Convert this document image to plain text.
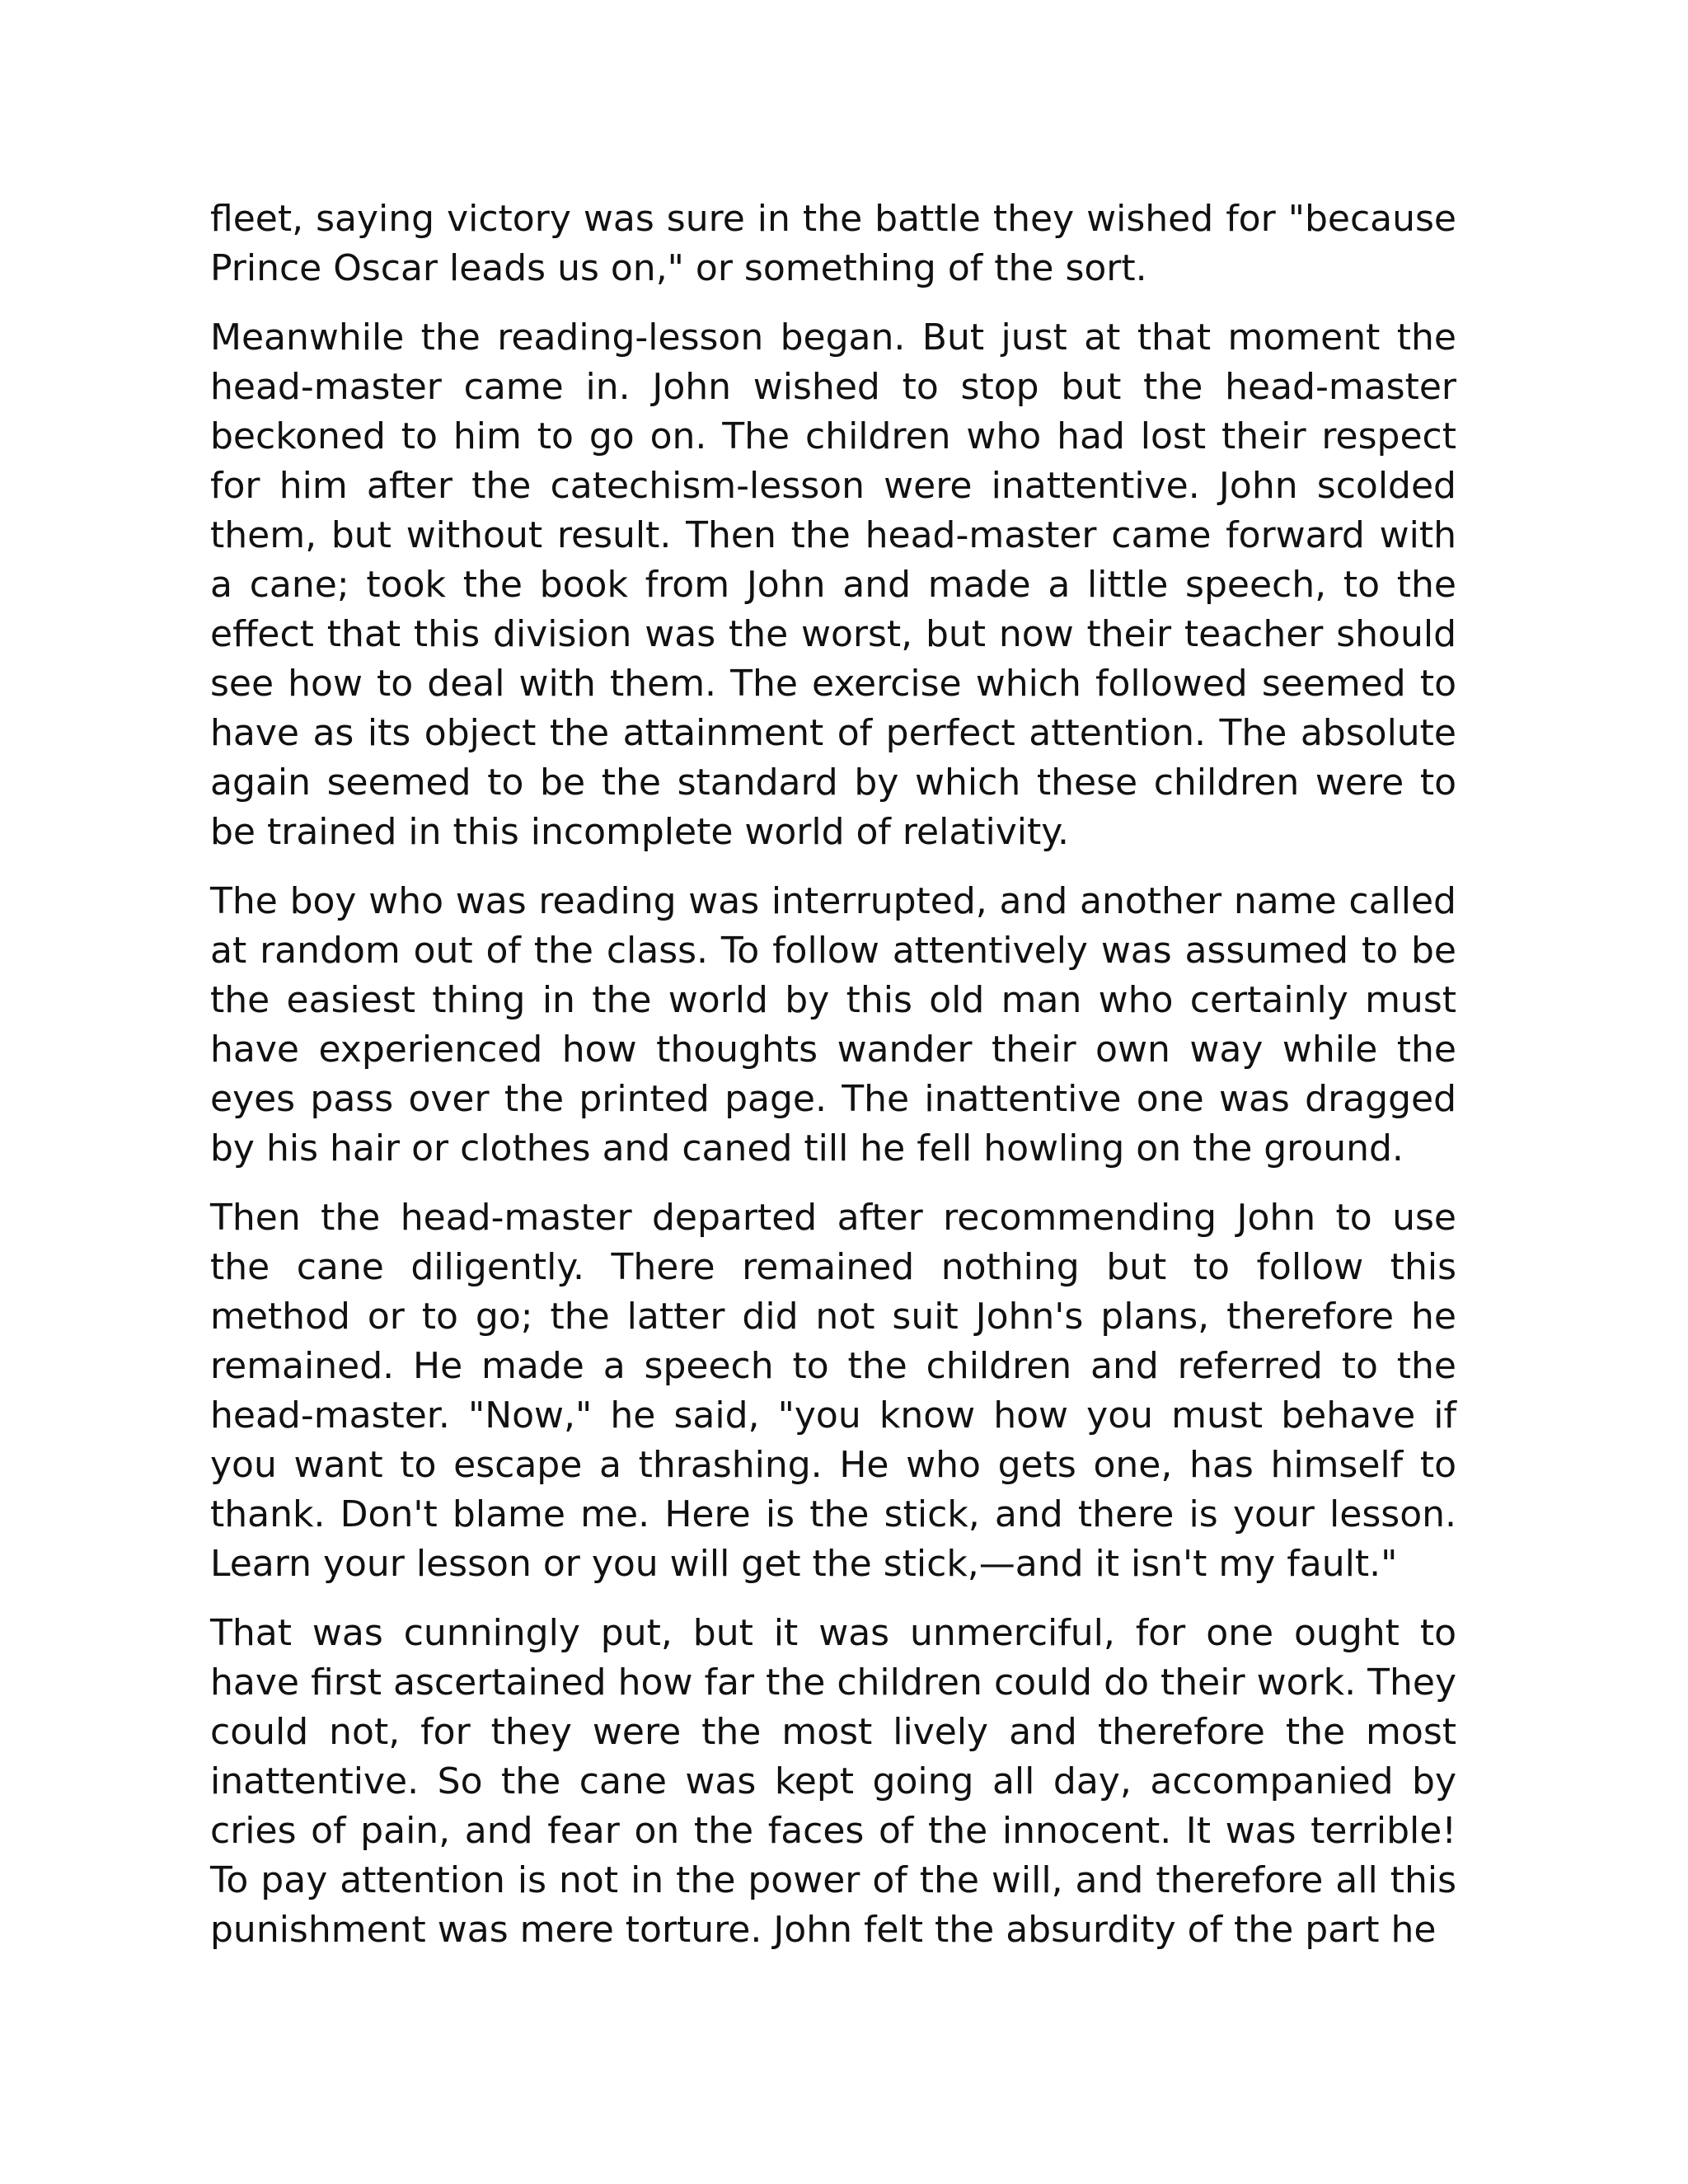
fleet, saying victory was sure in the battle they wished for "because Prince Oscar leads us on," or something of the sort.

Meanwhile the reading-lesson began. But just at that moment the head-master came in. John wished to stop but the head-master beckoned to him to go on. The children who had lost their respect for him after the catechism-lesson were inattentive. John scolded them, but without result. Then the head-master came forward with a cane; took the book from John and made a little speech, to the effect that this division was the worst, but now their teacher should see how to deal with them. The exercise which followed seemed to have as its object the attainment of perfect attention. The absolute again seemed to be the standard by which these children were to be trained in this incomplete world of relativity.

The boy who was reading was interrupted, and another name called at random out of the class. To follow attentively was assumed to be the easiest thing in the world by this old man who certainly must have experienced how thoughts wander their own way while the eyes pass over the printed page. The inattentive one was dragged by his hair or clothes and caned till he fell howling on the ground.

Then the head-master departed after recommending John to use the cane diligently. There remained nothing but to follow this method or to go; the latter did not suit John's plans, therefore he remained. He made a speech to the children and referred to the head-master. "Now," he said, "you know how you must behave if you want to escape a thrashing. He who gets one, has himself to thank. Don't blame me. Here is the stick, and there is your lesson. Learn your lesson or you will get the stick,—and it isn't my fault."

That was cunningly put, but it was unmerciful, for one ought to have first ascertained how far the children could do their work. They could not, for they were the most lively and therefore the most inattentive. So the cane was kept going all day, accompanied by cries of pain, and fear on the faces of the innocent. It was terrible! To pay attention is not in the power of the will, and therefore all this punishment was mere torture. John felt the absurdity of the part he
